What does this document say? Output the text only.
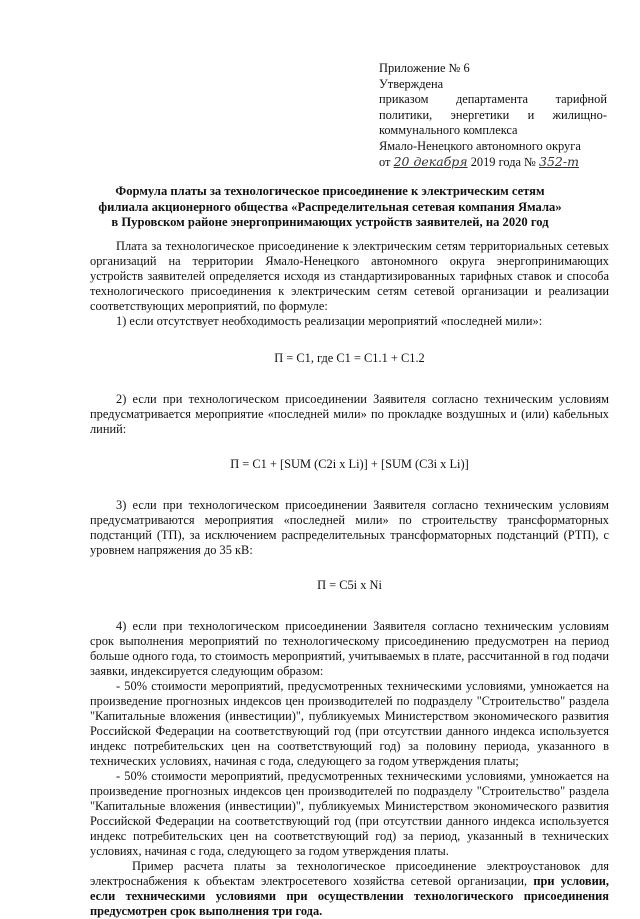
Приложение № 6
Утверждена
приказом департамента тарифной
политики, энергетики и жилищно-
коммунального комплекса
Ямало-Ненецкого автономного округа
от 20 декабря 2019 года № 352-т
Формула платы за технологическое присоединение к электрическим сетям
филиала акционерного общества «Распределительная сетевая компания Ямала»
в Пуровском районе энергопринимающих устройств заявителей, на 2020 год

Плата за технологическое присоединение к электрическим сетям территориальных сетевых организаций на территории Ямало-Ненецкого автономного округа энергопринимающих устройств заявителей определяется исходя из стандартизированных тарифных ставок и способа технологического присоединения к электрическим сетям сетевой организации и реализации соответствующих мероприятий, по формуле:

1) если отсутствует необходимость реализации мероприятий «последней мили»:

П = С1, где С1 = С1.1 + С1.2

2) если при технологическом присоединении Заявителя согласно техническим условиям предусматривается мероприятие «последней мили» по прокладке воздушных и (или) кабельных линий:

П = С1 + [SUM (C2i x Li)] + [SUM (C3i x Li)]

3) если при технологическом присоединении Заявителя согласно техническим условиям предусматриваются мероприятия «последней мили» по строительству трансформаторных подстанций (ТП), за исключением распределительных трансформаторных подстанций (РТП), с уровнем напряжения до 35 кВ:

П = С5i x Ni

4) если при технологическом присоединении Заявителя согласно техническим условиям срок выполнения мероприятий по технологическому присоединению предусмотрен на период больше одного года, то стоимость мероприятий, учитываемых в плате, рассчитанной в год подачи заявки, индексируется следующим образом:

- 50% стоимости мероприятий, предусмотренных техническими условиями, умножается на произведение прогнозных индексов цен производителей по подразделу "Строительство" раздела "Капитальные вложения (инвестиции)", публикуемых Министерством экономического развития Российской Федерации на соответствующий год (при отсутствии данного индекса используется индекс потребительских цен на соответствующий год) за половину периода, указанного в технических условиях, начиная с года, следующего за годом утверждения платы;

- 50% стоимости мероприятий, предусмотренных техническими условиями, умножается на произведение прогнозных индексов цен производителей по подразделу "Строительство" раздела "Капитальные вложения (инвестиции)", публикуемых Министерством экономического развития Российской Федерации на соответствующий год (при отсутствии данного индекса используется индекс потребительских цен на соответствующий год) за период, указанный в технических условиях, начиная с года, следующего за годом утверждения платы.

Пример расчета платы за технологическое присоединение электроустановок для электроснабжения к объектам электросетевого хозяйства сетевой организации, при условии, если техническими условиями при осуществлении технологического присоединения предусмотрен срок выполнения три года.
